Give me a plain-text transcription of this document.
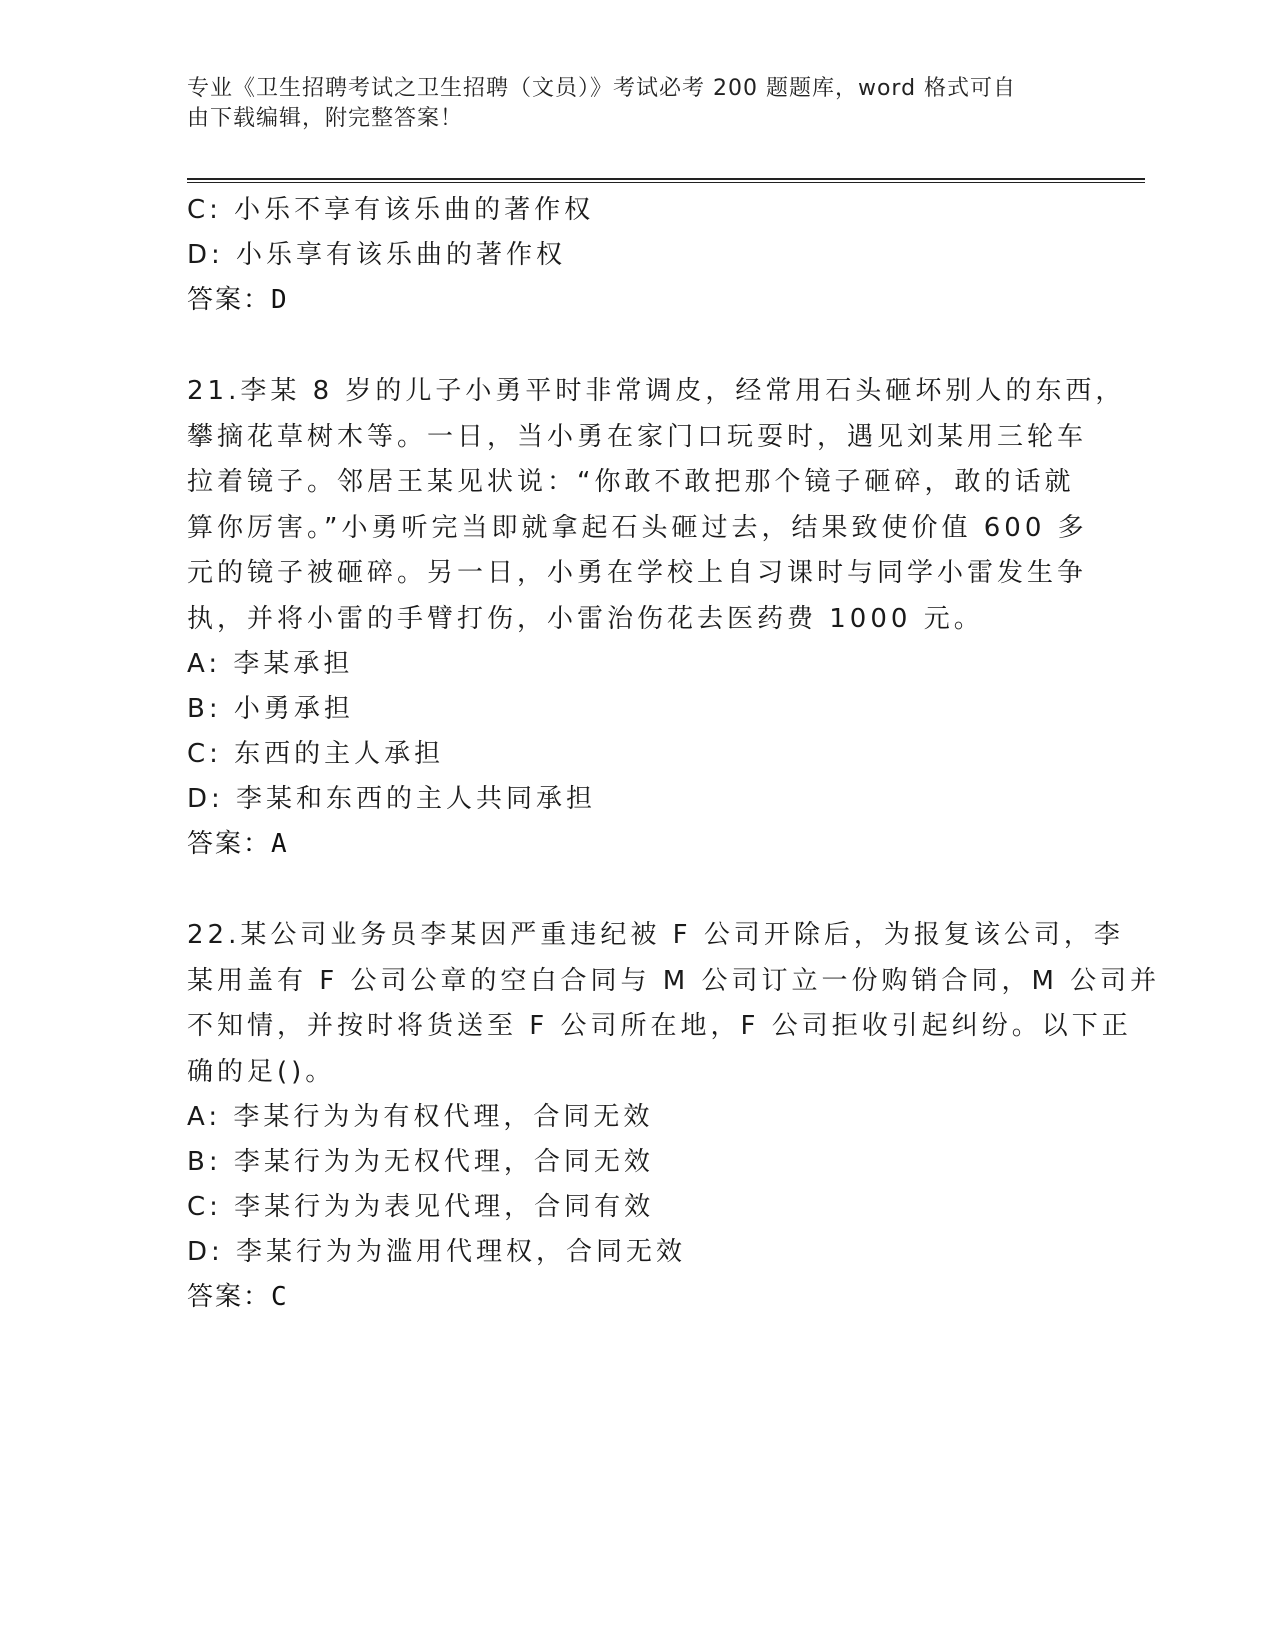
专业《卫生招聘考试之卫生招聘（文员）》考试必考 200 题题库，word 格式可自
由下载编辑，附完整答案！
C: 小乐不享有该乐曲的著作权
D: 小乐享有该乐曲的著作权
答案：D
21.李某 8 岁的儿子小勇平时非常调皮，经常用石头砸坏别人的东西，
攀摘花草树木等。一日，当小勇在家门口玩耍时，遇见刘某用三轮车
拉着镜子。邻居王某见状说：“你敢不敢把那个镜子砸碎，敢的话就
算你厉害。”小勇听完当即就拿起石头砸过去，结果致使价值 600 多
元的镜子被砸碎。另一日，小勇在学校上自习课时与同学小雷发生争
执，并将小雷的手臂打伤，小雷治伤花去医药费 1000 元。
A: 李某承担
B: 小勇承担
C: 东西的主人承担
D: 李某和东西的主人共同承担
答案：A
22.某公司业务员李某因严重违纪被 F 公司开除后，为报复该公司，李
某用盖有 F 公司公章的空白合同与 M 公司订立一份购销合同，M 公司并
不知情，并按时将货送至 F 公司所在地，F 公司拒收引起纠纷。以下正
确的足()。
A: 李某行为为有权代理，合同无效
B: 李某行为为无权代理，合同无效
C: 李某行为为表见代理，合同有效
D: 李某行为为滥用代理权，合同无效
答案：C
